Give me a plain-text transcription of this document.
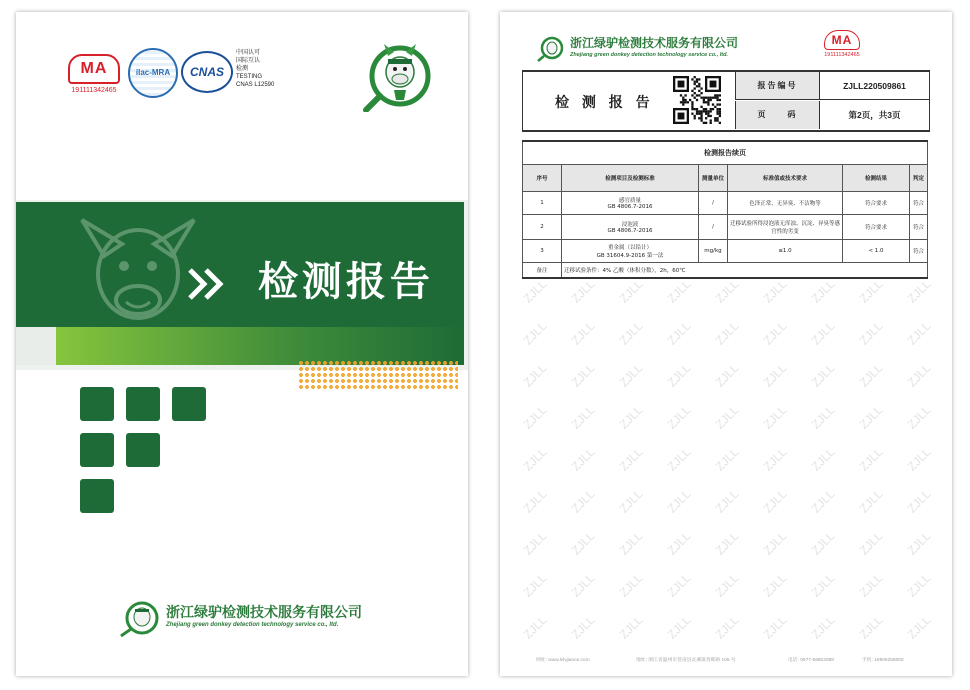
MA
191111342465
ilac-MRA	CNAS
中国认可
国际互认
检测
TESTING
CNAS L12590
检测报告
浙江绿驴检测技术服务有限公司
Zhejiang green donkey detection technology service co., ltd.
ZJLL ZJLL ZJLL ZJLL ZJLL ZJLL ZJLL ZJLL ZJLL
ZJLL ZJLL ZJLL ZJLL ZJLL ZJLL ZJLL ZJLL ZJLL
ZJLL ZJLL ZJLL ZJLL ZJLL ZJLL ZJLL ZJLL ZJLL
ZJLL ZJLL ZJLL ZJLL ZJLL ZJLL ZJLL ZJLL ZJLL
ZJLL ZJLL ZJLL ZJLL ZJLL ZJLL ZJLL ZJLL ZJLL
ZJLL ZJLL ZJLL ZJLL ZJLL ZJLL ZJLL ZJLL ZJLL
ZJLL ZJLL ZJLL ZJLL ZJLL ZJLL ZJLL ZJLL ZJLL
ZJLL ZJLL ZJLL ZJLL ZJLL ZJLL ZJLL ZJLL ZJLL
ZJLL ZJLL ZJLL ZJLL ZJLL ZJLL ZJLL ZJLL ZJLL
浙江绿驴检测技术服务有限公司
Zhejiang green donkey detection technology service co., ltd.
MA
191111342465
检 测 报 告
报告编号	ZJLL220509861
页　　码	第2页，共3页
检测报告续页					
序号	检测项目及检测标准	测量单位	标准值或技术要求	检测结果	判定
1	感官质量
GB 4806.7-2016	/	色泽正常、无异臭、不洁物等	符合要求	符合
2	浸泡液
GB 4806.7-2016	/	迁移试验所得浸泡液无浑浊、沉淀、异臭等感官性的劣变	符合要求	符合
3	重金属（以铅计）
GB 31604.9-2016 第一法	mg/kg	≤1.0	< 1.0	符合
备注	迁移试验条件：4% 乙酸（体积分数），2h，60℃				
网址: www.lvlvjiance.com	地址: 浙江省温州市苍南县灵溪镇春晖路 105 号	电话: 0577-68802088	手机: 18906258000
